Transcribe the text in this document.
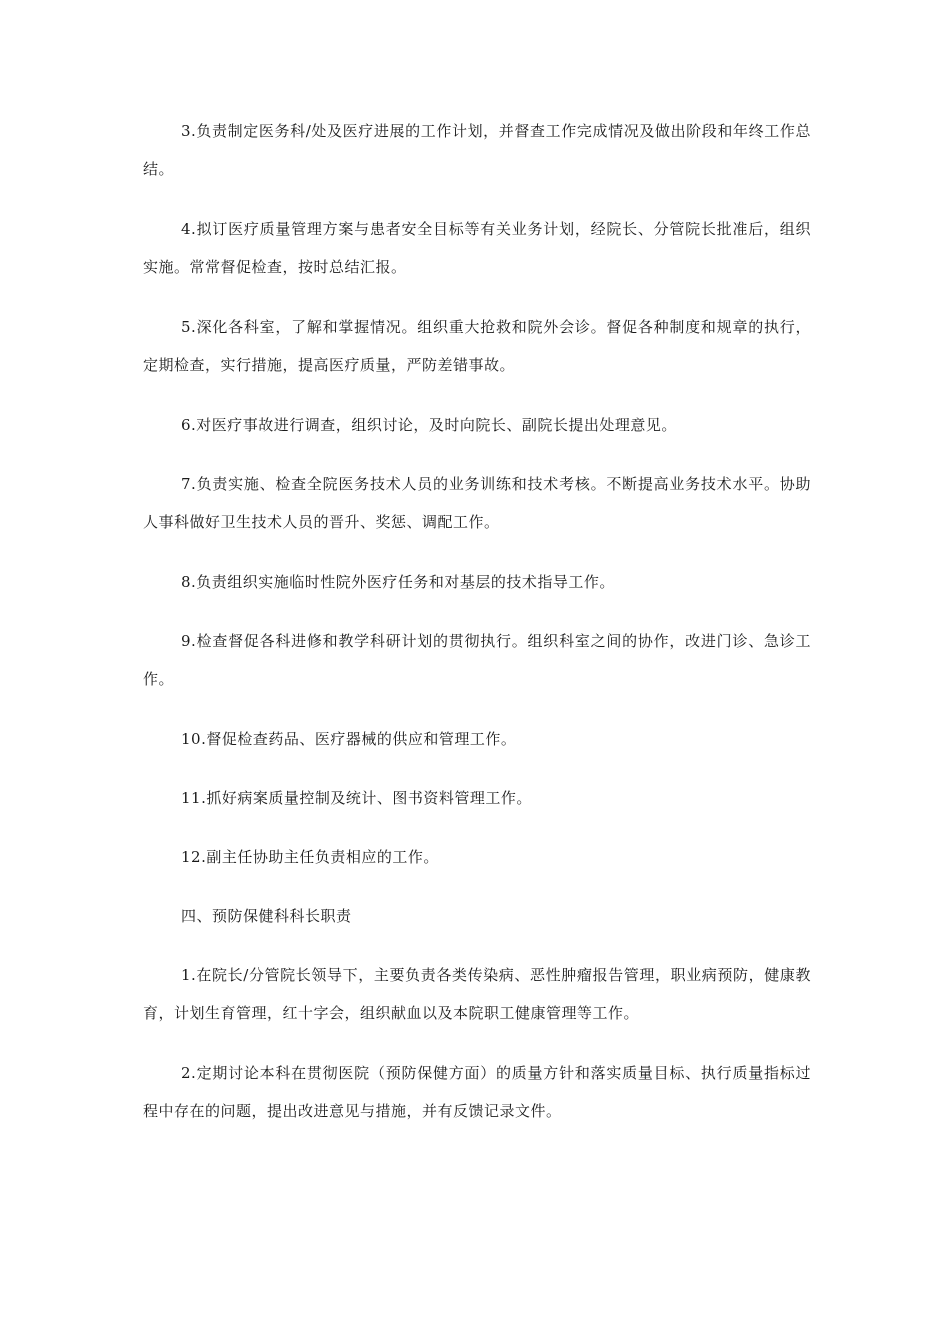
3.负责制定医务科/处及医疗进展的工作计划，并督查工作完成情况及做出阶段和年终工作总结。

4.拟订医疗质量管理方案与患者安全目标等有关业务计划，经院长、分管院长批准后，组织实施。常常督促检查，按时总结汇报。

5.深化各科室，了解和掌握情况。组织重大抢救和院外会诊。督促各种制度和规章的执行，定期检查，实行措施，提高医疗质量，严防差错事故。

6.对医疗事故进行调查，组织讨论，及时向院长、副院长提出处理意见。

7.负责实施、检查全院医务技术人员的业务训练和技术考核。不断提高业务技术水平。协助人事科做好卫生技术人员的晋升、奖惩、调配工作。

8.负责组织实施临时性院外医疗任务和对基层的技术指导工作。

9.检查督促各科进修和教学科研计划的贯彻执行。组织科室之间的协作，改进门诊、急诊工作。

10.督促检查药品、医疗器械的供应和管理工作。

11.抓好病案质量控制及统计、图书资料管理工作。

12.副主任协助主任负责相应的工作。

四、预防保健科科长职责

1.在院长/分管院长领导下，主要负责各类传染病、恶性肿瘤报告管理，职业病预防，健康教育，计划生育管理，红十字会，组织献血以及本院职工健康管理等工作。

2.定期讨论本科在贯彻医院（预防保健方面）的质量方针和落实质量目标、执行质量指标过程中存在的问题，提出改进意见与措施，并有反馈记录文件。
